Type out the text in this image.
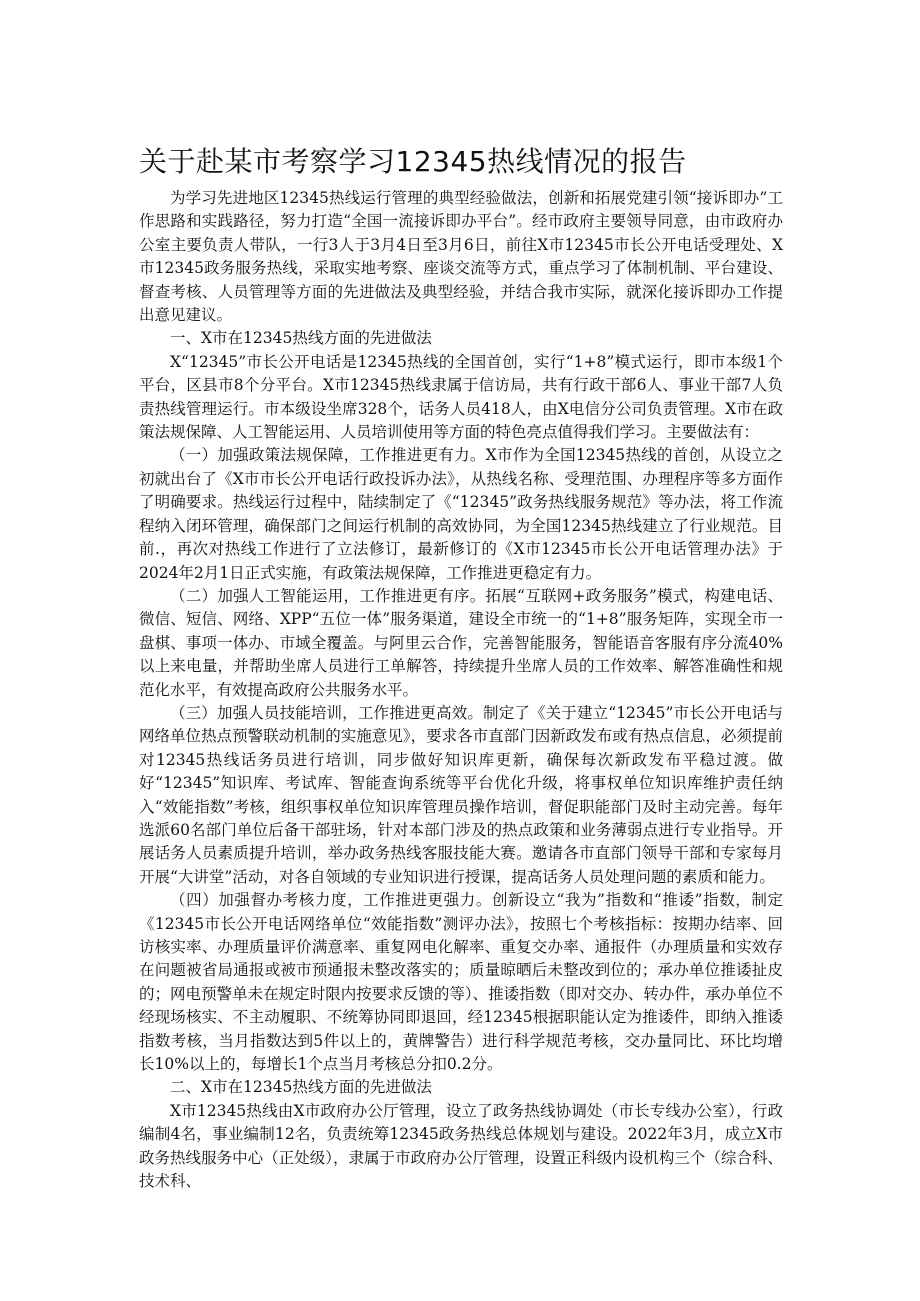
关于赴某市考察学习12345热线情况的报告

为学习先进地区12345热线运行管理的典型经验做法，创新和拓展党建引领“接诉即办”工作思路和实践路径，努力打造“全国一流接诉即办平台”。经市政府主要领导同意，由市政府办公室主要负责人带队，一行3人于3月4日至3月6日，前往X市12345市长公开电话受理处、X市12345政务服务热线，采取实地考察、座谈交流等方式，重点学习了体制机制、平台建设、督查考核、人员管理等方面的先进做法及典型经验，并结合我市实际，就深化接诉即办工作提出意见建议。

一、X市在12345热线方面的先进做法

X“12345”市长公开电话是12345热线的全国首创，实行“1+8”模式运行，即市本级1个平台，区县市8个分平台。X市12345热线隶属于信访局，共有行政干部6人、事业干部7人负责热线管理运行。市本级设坐席328个，话务人员418人，由X电信分公司负责管理。X市在政策法规保障、人工智能运用、人员培训使用等方面的特色亮点值得我们学习。主要做法有：

（一）加强政策法规保障，工作推进更有力。X市作为全国12345热线的首创，从设立之初就出台了《X市市长公开电话行政投诉办法》，从热线名称、受理范围、办理程序等多方面作了明确要求。热线运行过程中，陆续制定了《“12345”政务热线服务规范》等办法，将工作流程纳入闭环管理，确保部门之间运行机制的高效协同，为全国12345热线建立了行业规范。目前.，再次对热线工作进行了立法修订，最新修订的《X市12345市长公开电话管理办法》于2024年2月1日正式实施，有政策法规保障，工作推进更稳定有力。

（二）加强人工智能运用，工作推进更有序。拓展“互联网+政务服务”模式，构建电话、微信、短信、网络、XPP“五位一体”服务渠道，建设全市统一的“1+8”服务矩阵，实现全市一盘棋、事项一体办、市域全覆盖。与阿里云合作，完善智能服务，智能语音客服有序分流40%以上来电量，并帮助坐席人员进行工单解答，持续提升坐席人员的工作效率、解答准确性和规范化水平，有效提高政府公共服务水平。

（三）加强人员技能培训，工作推进更高效。制定了《关于建立“12345”市长公开电话与网络单位热点预警联动机制的实施意见》，要求各市直部门因新政发布或有热点信息，必须提前对12345热线话务员进行培训，同步做好知识库更新，确保每次新政发布平稳过渡。做好“12345”知识库、考试库、智能查询系统等平台优化升级，将事权单位知识库维护责任纳入“效能指数”考核，组织事权单位知识库管理员操作培训，督促职能部门及时主动完善。每年选派60名部门单位后备干部驻场，针对本部门涉及的热点政策和业务薄弱点进行专业指导。开展话务人员素质提升培训，举办政务热线客服技能大赛。邀请各市直部门领导干部和专家每月开展“大讲堂”活动，对各自领域的专业知识进行授课，提高话务人员处理问题的素质和能力。

（四）加强督办考核力度，工作推进更强力。创新设立“我为”指数和“推诿”指数，制定《12345市长公开电话网络单位“效能指数”测评办法》，按照七个考核指标：按期办结率、回访核实率、办理质量评价满意率、重复网电化解率、重复交办率、通报件（办理质量和实效存在问题被省局通报或被市预通报未整改落实的；质量晾晒后未整改到位的；承办单位推诿扯皮的；网电预警单未在规定时限内按要求反馈的等）、推诿指数（即对交办、转办件，承办单位不经现场核实、不主动履职、不统筹协同即退回，经12345根据职能认定为推诿件，即纳入推诿指数考核，当月指数达到5件以上的，黄牌警告）进行科学规范考核，交办量同比、环比均增长10%以上的，每增长1个点当月考核总分扣0.2分。

二、X市在12345热线方面的先进做法

X市12345热线由X市政府办公厅管理，设立了政务热线协调处（市长专线办公室），行政编制4名，事业编制12名，负责统筹12345政务热线总体规划与建设。2022年3月，成立X市政务热线服务中心（正处级），隶属于市政府办公厅管理，设置正科级内设机构三个（综合科、技术科、
